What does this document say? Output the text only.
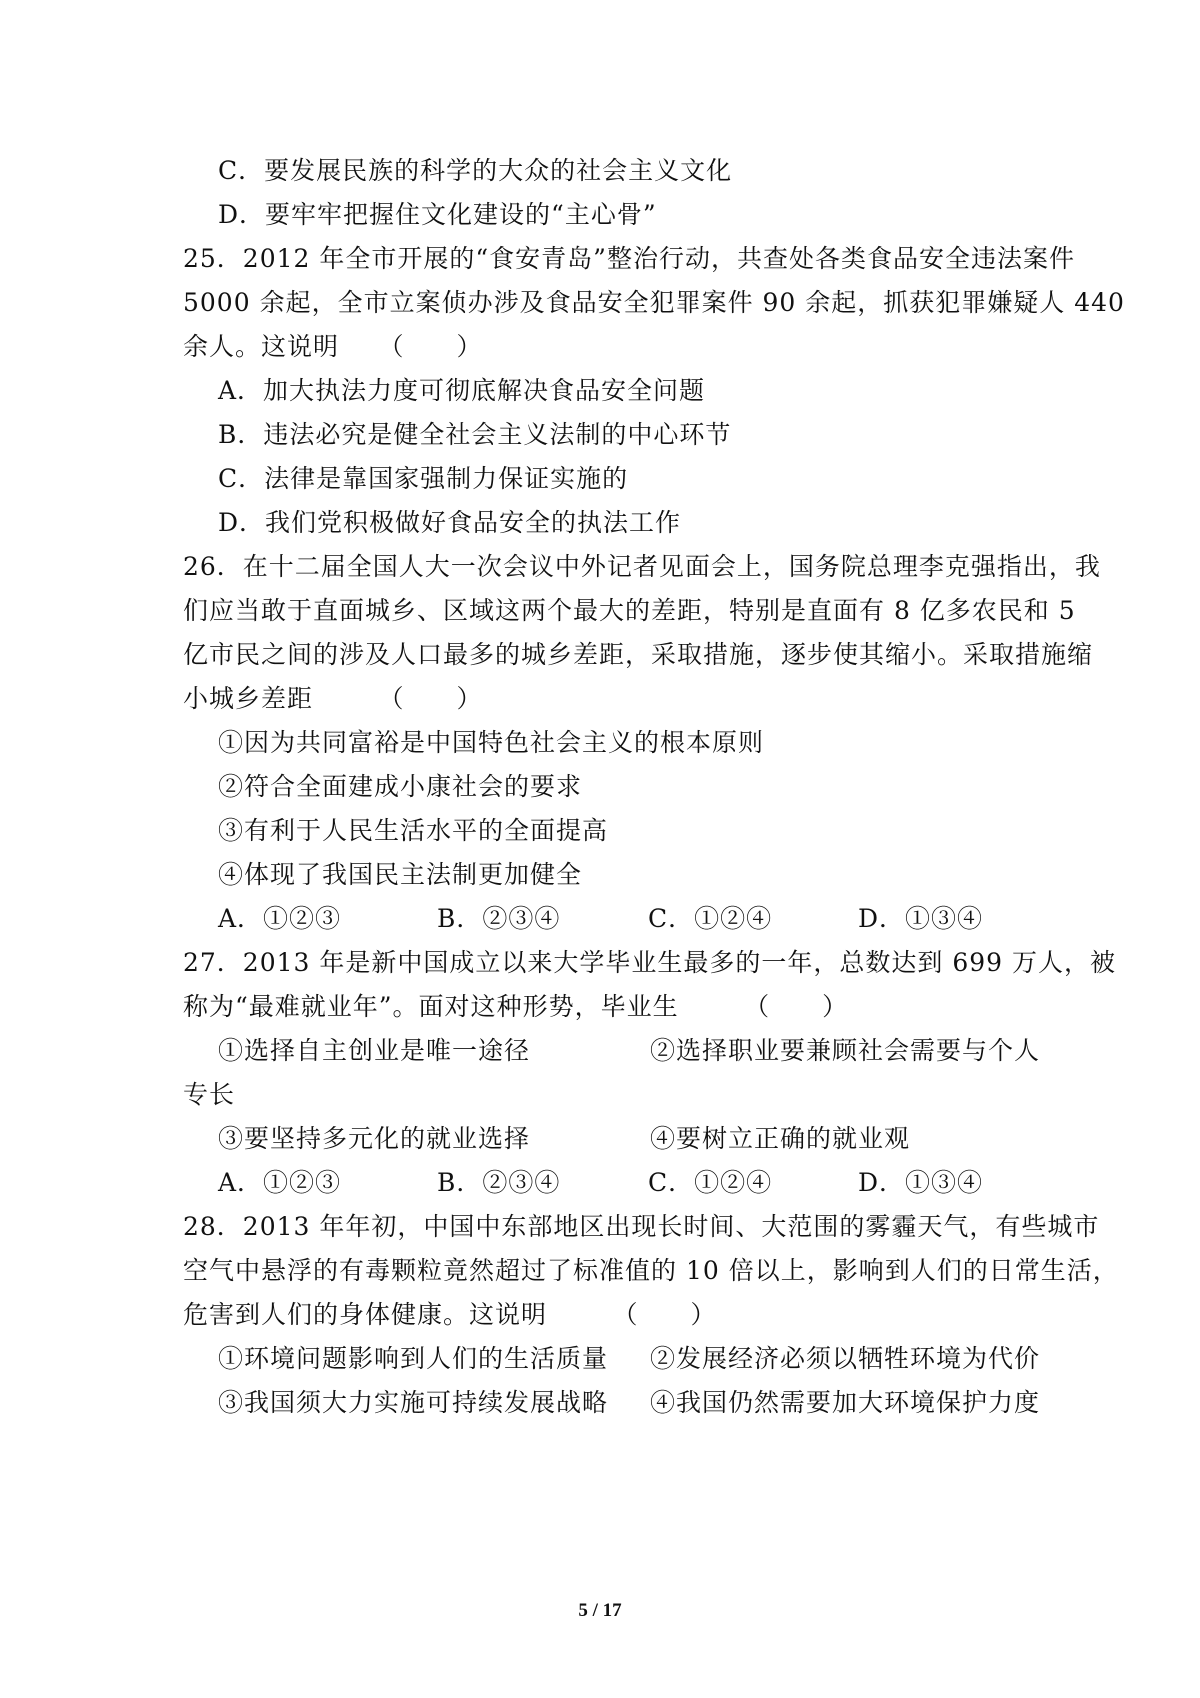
C．要发展民族的科学的大众的社会主义文化
D．要牢牢把握住文化建设的“主心骨”
25．2012 年全市开展的“食安青岛”整治行动，共查处各类食品安全违法案件
5000 余起，全市立案侦办涉及食品安全犯罪案件 90 余起，抓获犯罪嫌疑人 440
余人。这说明　　（　　）
A．加大执法力度可彻底解决食品安全问题
B．违法必究是健全社会主义法制的中心环节
C．法律是靠国家强制力保证实施的
D．我们党积极做好食品安全的执法工作
26．在十二届全国人大一次会议中外记者见面会上，国务院总理李克强指出，我
们应当敢于直面城乡、区域这两个最大的差距，特别是直面有 8 亿多农民和 5
亿市民之间的涉及人口最多的城乡差距，采取措施，逐步使其缩小。采取措施缩
小城乡差距　　　（　　）
①因为共同富裕是中国特色社会主义的根本原则
②符合全面建成小康社会的要求
③有利于人民生活水平的全面提高
④体现了我国民主法制更加健全
A．①②③	B．②③④	C．①②④	D．①③④
27．2013 年是新中国成立以来大学毕业生最多的一年，总数达到 699 万人，被
称为“最难就业年”。面对这种形势，毕业生　　　（　　）
①选择自主创业是唯一途径	②选择职业要兼顾社会需要与个人
专长
③要坚持多元化的就业选择	④要树立正确的就业观
A．①②③	B．②③④	C．①②④	D．①③④
28．2013 年年初，中国中东部地区出现长时间、大范围的雾霾天气，有些城市
空气中悬浮的有毒颗粒竟然超过了标准值的 10 倍以上，影响到人们的日常生活，
危害到人们的身体健康。这说明　　　（　　）
①环境问题影响到人们的生活质量 ②发展经济必须以牺牲环境为代价
③我国须大力实施可持续发展战略 ④我国仍然需要加大环境保护力度
5 / 17
